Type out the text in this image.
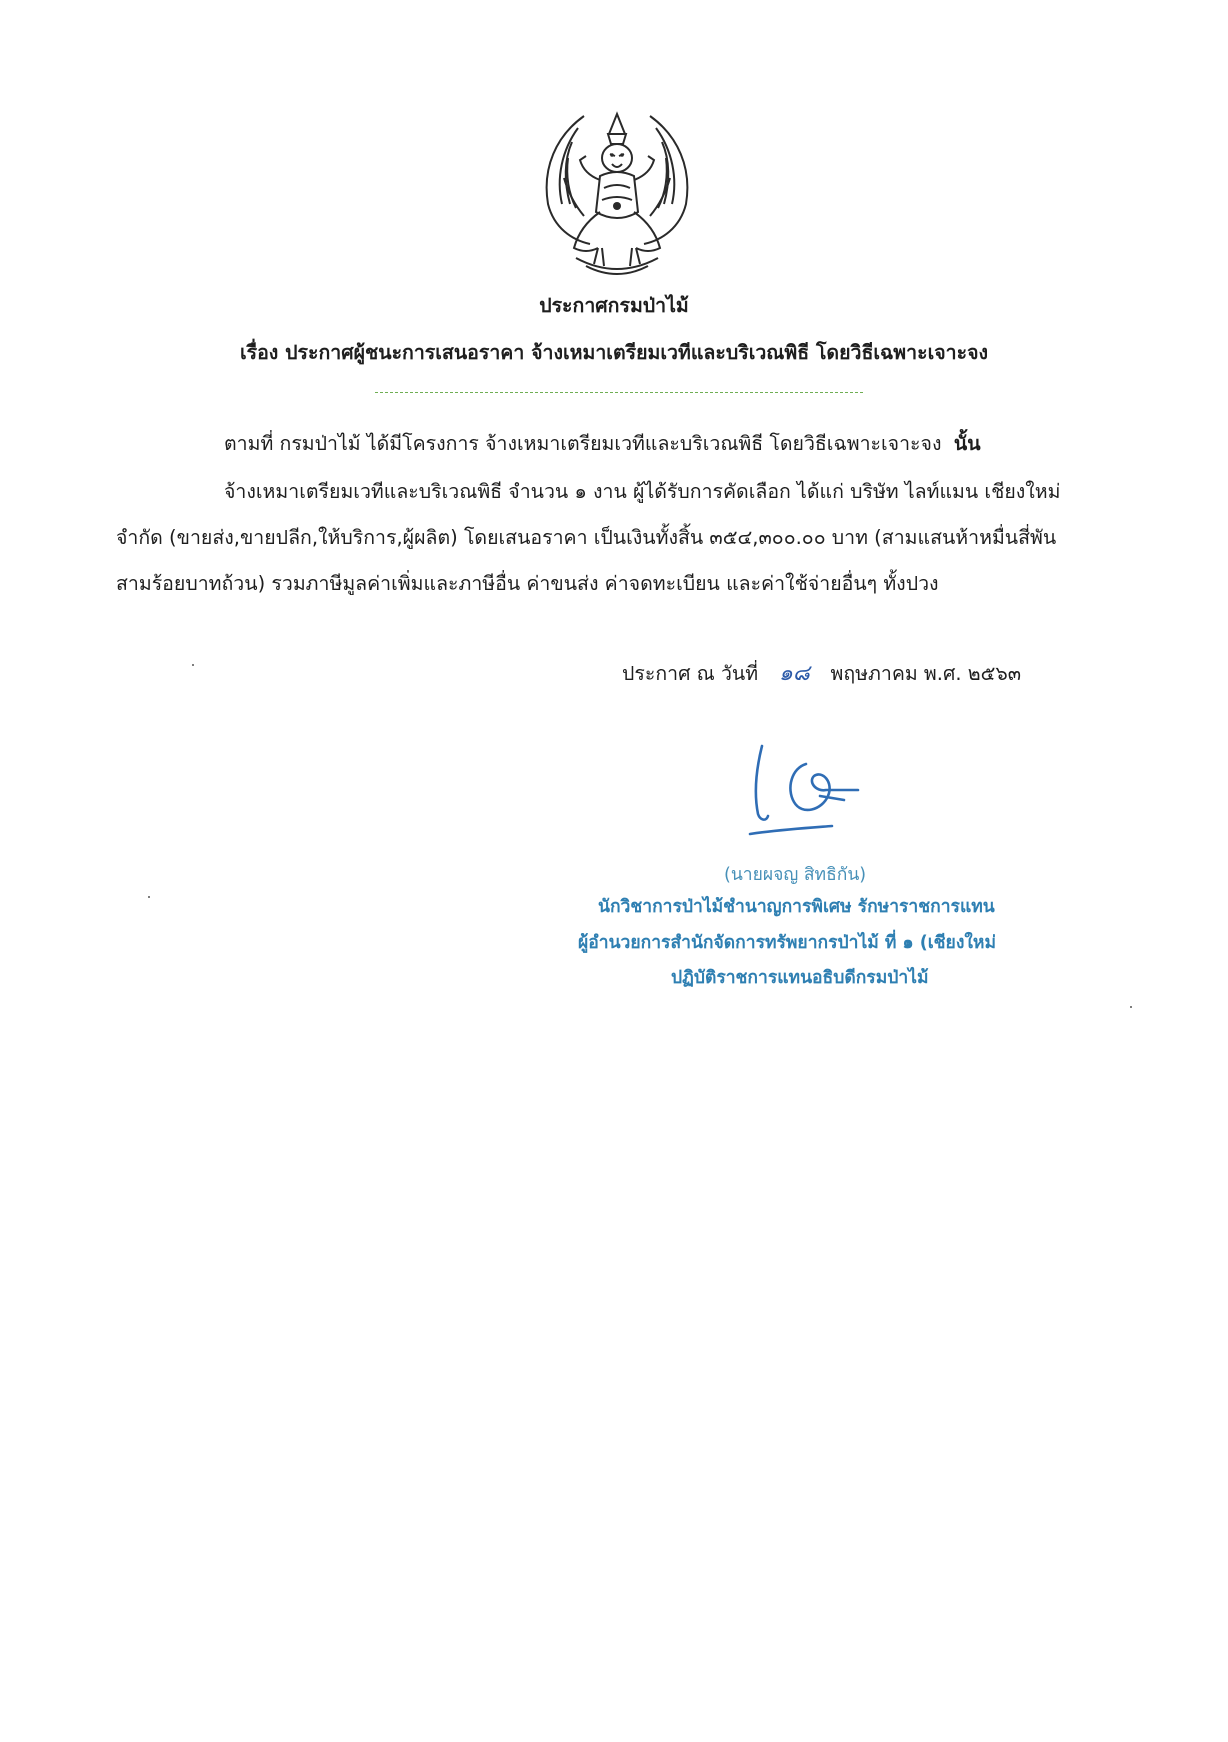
ประกาศกรมป่าไม้
เรื่อง ประกาศผู้ชนะการเสนอราคา จ้างเหมาเตรียมเวทีและบริเวณพิธี โดยวิธีเฉพาะเจาะจง
ตามที่ กรมป่าไม้ ได้มีโครงการ จ้างเหมาเตรียมเวทีและบริเวณพิธี โดยวิธีเฉพาะเจาะจง นั้น
จ้างเหมาเตรียมเวทีและบริเวณพิธี จำนวน ๑ งาน ผู้ได้รับการคัดเลือก ได้แก่ บริษัท ไลท์แมน เชียงใหม่
จำกัด (ขายส่ง,ขายปลีก,ให้บริการ,ผู้ผลิต) โดยเสนอราคา เป็นเงินทั้งสิ้น ๓๕๔,๓๐๐.๐๐ บาท (สามแสนห้าหมื่นสี่พัน
สามร้อยบาทถ้วน) รวมภาษีมูลค่าเพิ่มและภาษีอื่น ค่าขนส่ง ค่าจดทะเบียน และค่าใช้จ่ายอื่นๆ ทั้งปวง
ประกาศ ณ วันที่ ๑๘ พฤษภาคม พ.ศ. ๒๕๖๓
(นายผจญ สิทธิกัน)
นักวิชาการป่าไม้ชำนาญการพิเศษ รักษาราชการแทน
ผู้อำนวยการสำนักจัดการทรัพยากรป่าไม้ ที่ ๑ (เชียงใหม่
ปฏิบัติราชการแทนอธิบดีกรมป่าไม้
